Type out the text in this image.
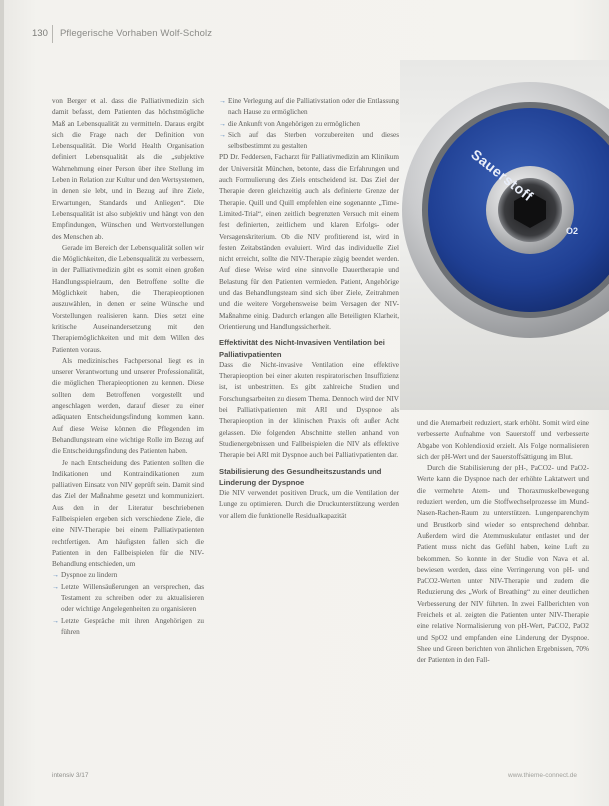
130 Pflegerische Vorhaben Wolf-Scholz
Sauerstoff
O2

von Berger et al. dass die Palliativmedizin sich damit befasst, dem Patienten das höchstmögliche Maß an Lebensqualität zu vermitteln. Daraus ergibt sich die Frage nach der Definition von Lebensqualität. Die World Health Organisation definiert Lebensqualität als die „subjektive Wahrnehmung einer Person über ihre Stellung im Leben in Relation zur Kultur und den Wertsystemen, in denen sie lebt, und in Bezug auf ihre Ziele, Erwartungen, Standards und Anliegen“. Die Lebensqualität ist also subjektiv und hängt von den Empfindungen, Wünschen und Wertvorstellungen des Menschen ab.

Gerade im Bereich der Lebensqualität sollen wir die Möglichkeiten, die Lebensqualität zu verbessern, in der Palliativmedizin gibt es somit einen großen Handlungsspielraum, den Betroffene sollte die Möglichkeit haben, die Therapieoptionen auszuwählen, in denen er seine Wünsche und Vorstellungen realisieren kann. Dies setzt eine kritische Auseinandersetzung mit den Therapiemöglichkeiten und mit dem Willen des Patienten voraus.

Als medizinisches Fachpersonal liegt es in unserer Verantwortung und unserer Professionalität, die möglichen Therapieoptionen zu kennen. Diese sollten dem Betroffenen vorgestellt und angeschlagen werden, darauf dieser zu einer adäquaten Entscheidungsfindung kommen kann. Auf diese Weise können die Pflegenden im Behandlungsteam eine wichtige Rolle im Bezug auf die Entscheidungsfindung des Patienten haben.

Je nach Entscheidung des Patienten sollten die Indikationen und Kontraindikationen zum palliativen Einsatz von NIV geprüft sein. Damit sind das Ziel der Maßnahme gesetzt und kommuniziert. Aus den in der Literatur beschriebenen Fallbeispielen ergeben sich verschiedene Ziele, die eine NIV-Therapie bei einem Palliativpatienten rechtfertigen. Am häufigsten fallen sich die Patienten in den Fallbeispielen für die NIV-Behandlung entschieden, um

→ Dyspnoe zu lindern
→ Letzte Willensäußerungen an versprechen, das Testament zu schreiben oder zu aktualisieren oder wichtige Angelegenheiten zu organisieren
→ Letzte Gespräche mit ihren Angehörigen zu führen
→ Eine Verlegung auf die Palliativstation oder die Entlassung nach Hause zu ermöglichen
→ die Ankunft von Angehörigen zu ermöglichen
→ Sich auf das Sterben vorzubereiten und dieses selbstbestimmt zu gestalten

PD Dr. Feddersen, Facharzt für Palliativmedizin am Klinikum der Universität München, betonte, dass die Erfahrungen und auch Formulierung des Ziels entscheidend ist. Das Ziel der Therapie deren gleichzeitig auch als definierte Grenze der Therapie. Quill und Quill empfehlen eine sogenannte „Time-Limited-Trial“, einen zeitlich begrenzten Versuch mit einem fest definierten, zeitlichem und klaren Erfolgs- oder Versagenskriterium. Ob die NIV profitierend ist, wird in festen Zeitabständen evaluiert. Wird das individuelle Ziel nicht erreicht, sollte die NIV-Therapie zügig beendet werden. Auf diese Weise wird eine sinnvolle Dauertherapie und Belastung für den Patienten vermieden. Patient, Angehörige und das Behandlungsteam sind sich über Ziele, Zeitrahmen und die weitere Vorgehensweise beim Versagen der NIV-Maßnahme einig. Dadurch erlangen alle Beteiligten Klarheit, Orientierung und Handlungssicherheit.

Effektivität des Nicht-Invasiven Ventilation bei Palliativpatienten

Dass die Nicht-invasive Ventilation eine effektive Therapieoption bei einer akuten respiratorischen Insuffizienz ist, ist unbestritten. Es gibt zahlreiche Studien und Forschungsarbeiten zu diesem Thema. Dennoch wird der NIV bei Palliativpatienten mit ARI und Dyspnoe als Therapieoption in der klinischen Praxis oft außer Acht gelassen. Die folgenden Abschnitte stellen anhand von Studienergebnissen und Fallbeispielen die NIV als effektive Therapie bei ARI mit Dyspnoe auch bei Palliativpatienten dar.

Stabilisierung des Gesundheitszustands und Linderung der Dyspnoe

Die NIV verwendet positiven Druck, um die Ventilation der Lunge zu optimieren. Durch die Druckunterstützung werden vor allem die funktionelle Residualkapazität

und die Atemarbeit reduziert, stark erhöht. Somit wird eine verbesserte Aufnahme von Sauerstoff und verbesserte Abgabe von Kohlendioxid erzielt. Als Folge normalisieren sich der pH-Wert und der Sauerstoffsättigung im Blut.

Durch die Stabilisierung der pH-, PaCO2- und PaO2-Werte kann die Dyspnoe nach der erhöhte Laktatwert und die vermehrte Atem- und Thoraxmuskelbewegung reduziert werden, um die Stoffwechselprozesse im Mund-Nasen-Rachen-Raum zu unterstützen. Lungenparenchym und Brustkorb sind wieder so entsprechend dehnbar. Außerdem wird die Atemmuskulatur entlastet und der Patient muss nicht das Gefühl haben, keine Luft zu bekommen. So konnte in der Studie von Nava et al. bewiesen werden, dass eine Verringerung von pH- und PaCO2-Werten unter NIV-Therapie und zudem die Reduzierung des „Work of Breathing“ zu einer deutlichen Verbesserung der NIV führten. In zwei Fallberichten von Freichels et al. zeigten die Patienten unter NIV-Therapie eine relative Normalisierung von pH-Wert, PaCO2, PaO2 und SpO2 und empfanden eine Linderung der Dyspnoe. Shee und Green berichten von ähnlichen Ergebnissen, 70% der Patienten in den Fall-

intensiv 3/17	www.thieme-connect.de
